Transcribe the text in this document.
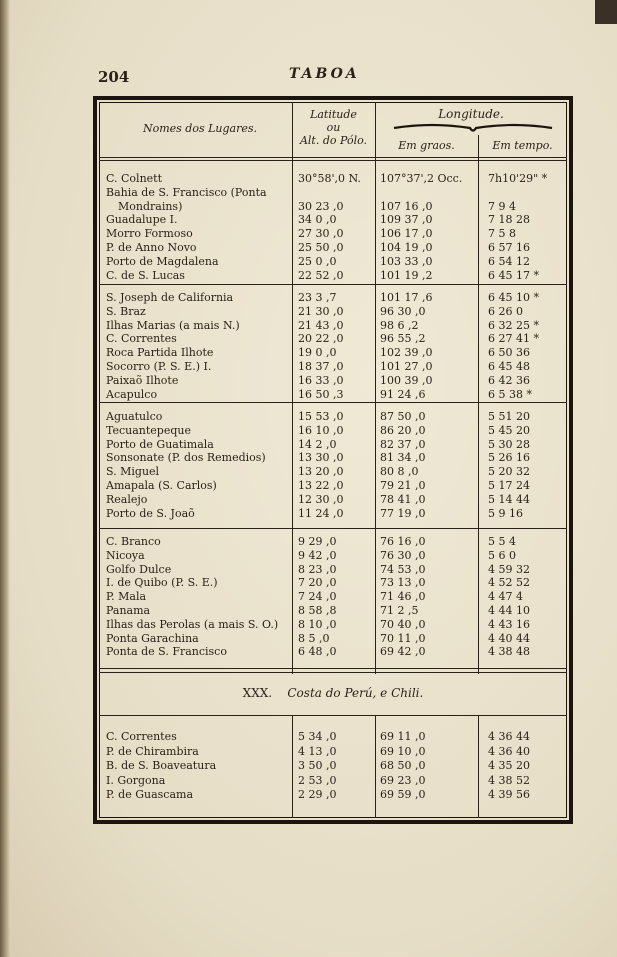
204	TABOA
Nomes dos Lugares.
Latitude
ou
Alt. do Pólo.
Longitude.
Em graos.	Em tempo.
C. Colnett	30°58',0 N.	107°37',2 Occ.	7h10'29" *
Bahia de S. Francisco (Ponta
Mondrains)	30 23 ,0	107 16 ,0	7 9 4
Guadalupe I.	34 0 ,0	109 37 ,0	7 18 28
Morro Formoso	27 30 ,0	106 17 ,0	7 5 8
P. de Anno Novo	25 50 ,0	104 19 ,0	6 57 16
Porto de Magdalena	25 0 ,0	103 33 ,0	6 54 12
C. de S. Lucas	22 52 ,0	101 19 ,2	6 45 17 *
S. Joseph de California	23 3 ,7	101 17 ,6	6 45 10 *
S. Braz	21 30 ,0	96 30 ,0	6 26 0
Ilhas Marias (a mais N.)	21 43 ,0	98 6 ,2	6 32 25 *
C. Correntes	20 22 ,0	96 55 ,2	6 27 41 *
Roca Partida Ilhote	19 0 ,0	102 39 ,0	6 50 36
Socorro (P. S. E.) I.	18 37 ,0	101 27 ,0	6 45 48
Paixaõ Ilhote	16 33 ,0	100 39 ,0	6 42 36
Acapulco	16 50 ,3	91 24 ,6	6 5 38 *
Aguatulco	15 53 ,0	87 50 ,0	5 51 20
Tecuantepeque	16 10 ,0	86 20 ,0	5 45 20
Porto de Guatimala	14 2 ,0	82 37 ,0	5 30 28
Sonsonate (P. dos Remedios)	13 30 ,0	81 34 ,0	5 26 16
S. Miguel	13 20 ,0	80 8 ,0	5 20 32
Amapala (S. Carlos)	13 22 ,0	79 21 ,0	5 17 24
Realejo	12 30 ,0	78 41 ,0	5 14 44
Porto de S. Joaõ	11 24 ,0	77 19 ,0	5 9 16
C. Branco	9 29 ,0	76 16 ,0	5 5 4
Nicoya	9 42 ,0	76 30 ,0	5 6 0
Golfo Dulce	8 23 ,0	74 53 ,0	4 59 32
I. de Quibo (P. S. E.)	7 20 ,0	73 13 ,0	4 52 52
P. Mala	7 24 ,0	71 46 ,0	4 47 4
Panama	8 58 ,8	71 2 ,5	4 44 10
Ilhas das Perolas (a mais S. O.) 8 10 ,0	70 40 ,0	4 43 16
Ponta Garachina	8 5 ,0	70 11 ,0	4 40 44
Ponta de S. Francisco	6 48 ,0	69 42 ,0	4 38 48
C. Correntes	5 34 ,0	69 11 ,0	4 36 44
P. de Chirambira	4 13 ,0	69 10 ,0	4 36 40
B. de S. Boaveatura	3 50 ,0	68 50 ,0	4 35 20
I. Gorgona	2 53 ,0	69 23 ,0	4 38 52
P. de Guascama	2 29 ,0	69 59 ,0	4 39 56
XXX. Costa do Perú, e Chili.
